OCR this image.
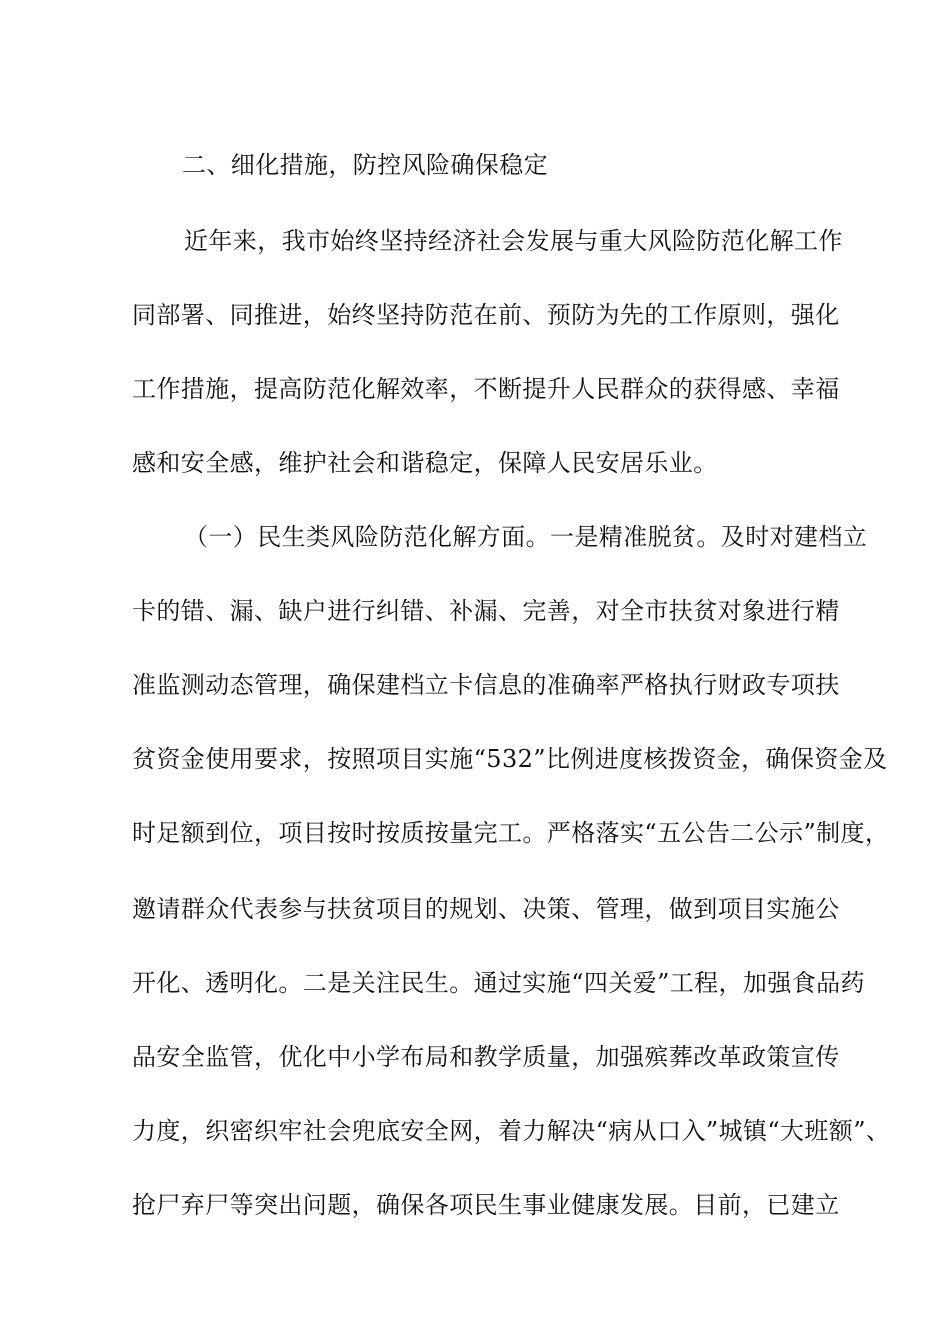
二、细化措施，防控风险确保稳定
近年来，我市始终坚持经济社会发展与重大风险防范化解工作
同部署、同推进，始终坚持防范在前、预防为先的工作原则，强化
工作措施，提高防范化解效率，不断提升人民群众的获得感、幸福
感和安全感，维护社会和谐稳定，保障人民安居乐业。
（一）民生类风险防范化解方面。一是精准脱贫。及时对建档立
卡的错、漏、缺户进行纠错、补漏、完善，对全市扶贫对象进行精
准监测动态管理，确保建档立卡信息的准确率严格执行财政专项扶
贫资金使用要求，按照项目实施“532”比例进度核拨资金，确保资金及
时足额到位，项目按时按质按量完工。严格落实“五公告二公示”制度，
邀请群众代表参与扶贫项目的规划、决策、管理，做到项目实施公
开化、透明化。二是关注民生。通过实施“四关爱”工程，加强食品药
品安全监管，优化中小学布局和教学质量，加强殡葬改革政策宣传
力度，织密织牢社会兜底安全网，着力解决“病从口入”城镇“大班额”、
抢尸弃尸等突出问题，确保各项民生事业健康发展。目前，已建立
